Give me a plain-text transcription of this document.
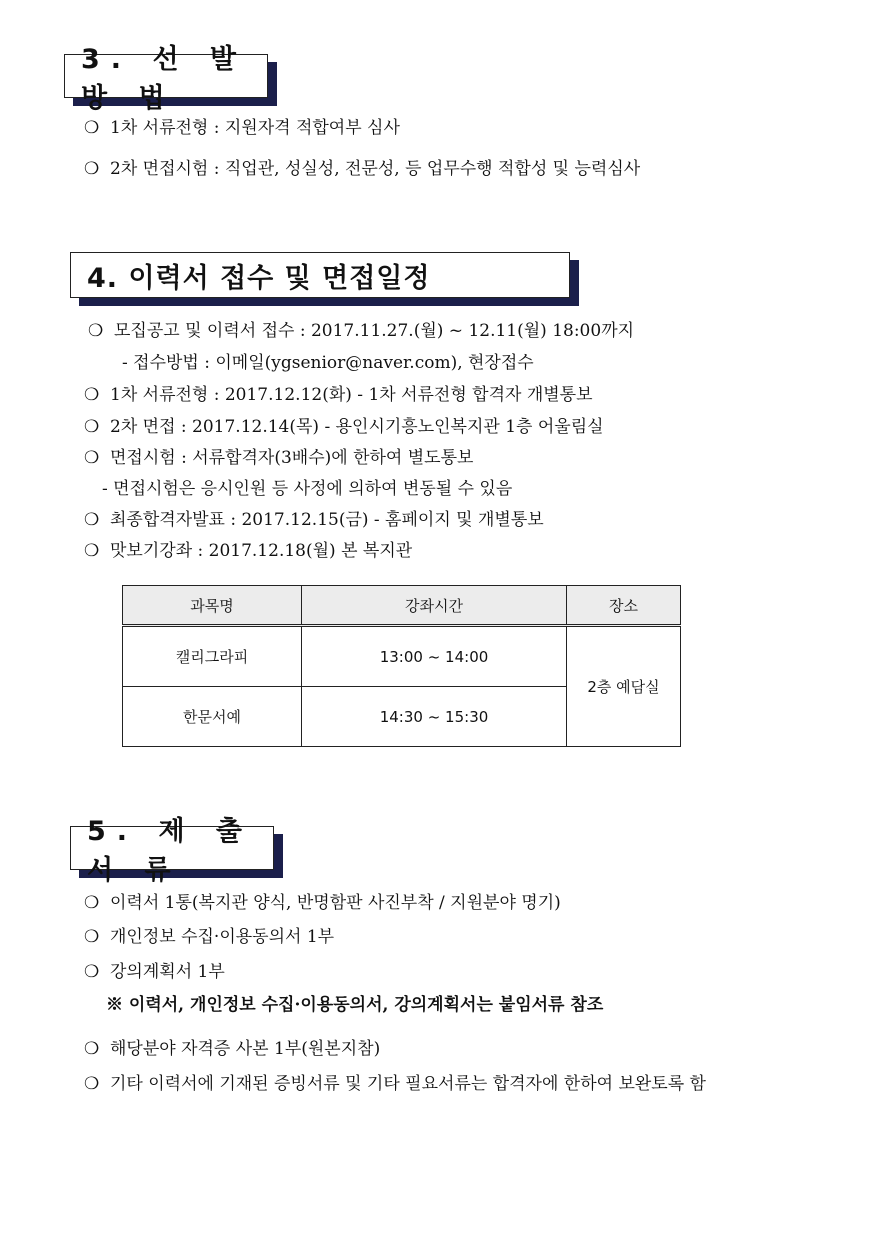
3. 선 발 방 법
❍ 1차 서류전형 : 지원자격 적합여부 심사
❍ 2차 면접시험 : 직업관, 성실성, 전문성, 등 업무수행 적합성 및 능력심사
4. 이력서 접수 및 면접일정
❍ 모집공고 및 이력서 접수 : 2017.11.27.(월) ~ 12.11(월) 18:00까지
- 접수방법 : 이메일(ygsenior@naver.com), 현장접수
❍ 1차 서류전형 : 2017.12.12(화) - 1차 서류전형 합격자 개별통보
❍ 2차 면접 : 2017.12.14(목) - 용인시기흥노인복지관 1층 어울림실
❍ 면접시험 : 서류합격자(3배수)에 한하여 별도통보
- 면접시험은 응시인원 등 사정에 의하여 변동될 수 있음
❍ 최종합격자발표 : 2017.12.15(금) - 홈페이지 및 개별통보
❍ 맛보기강좌 : 2017.12.18(월) 본 복지관
과목명	강좌시간	장소
캘리그라피	13:00 ~ 14:00	2층 예담실
한문서예	14:30 ~ 15:30	
5. 제 출 서 류
❍ 이력서 1통(복지관 양식, 반명함판 사진부착 / 지원분야 명기)
❍ 개인정보 수집·이용동의서 1부
❍ 강의계획서 1부
※ 이력서, 개인정보 수집·이용동의서, 강의계획서는 붙임서류 참조
❍ 해당분야 자격증 사본 1부(원본지참)
❍ 기타 이력서에 기재된 증빙서류 및 기타 필요서류는 합격자에 한하여 보완토록 함
